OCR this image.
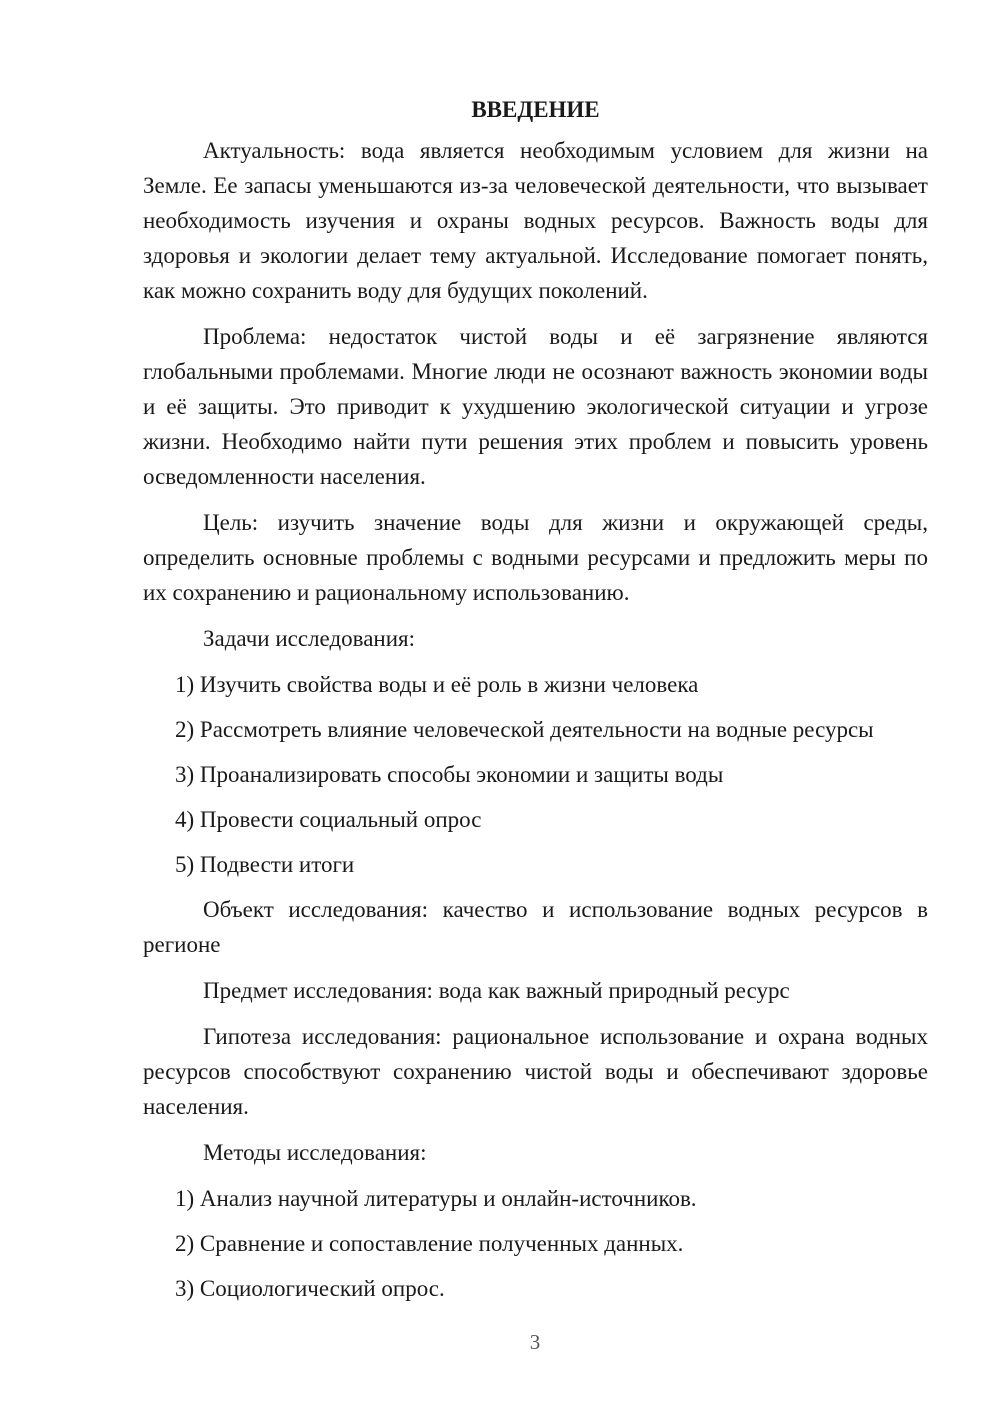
ВВЕДЕНИЕ

Актуальность: вода является необходимым условием для жизни на Земле. Ее запасы уменьшаются из-за человеческой деятельности, что вызывает необходимость изучения и охраны водных ресурсов. Важность воды для здоровья и экологии делает тему актуальной. Исследование помогает понять, как можно сохранить воду для будущих поколений.

Проблема: недостаток чистой воды и её загрязнение являются глобальными проблемами. Многие люди не осознают важность экономии воды и её защиты. Это приводит к ухудшению экологической ситуации и угрозе жизни. Необходимо найти пути решения этих проблем и повысить уровень осведомленности населения.

Цель: изучить значение воды для жизни и окружающей среды, определить основные проблемы с водными ресурсами и предложить меры по их сохранению и рациональному использованию.

Задачи исследования:

1) Изучить свойства воды и её роль в жизни человека

2) Рассмотреть влияние человеческой деятельности на водные ресурсы

3) Проанализировать способы экономии и защиты воды

4) Провести социальный опрос

5) Подвести итоги

Объект исследования: качество и использование водных ресурсов в регионе

Предмет исследования: вода как важный природный ресурс

Гипотеза исследования: рациональное использование и охрана водных ресурсов способствуют сохранению чистой воды и обеспечивают здоровье населения.

Методы исследования:

1) Анализ научной литературы и онлайн-источников.

2) Сравнение и сопоставление полученных данных.

3) Социологический опрос.

3
